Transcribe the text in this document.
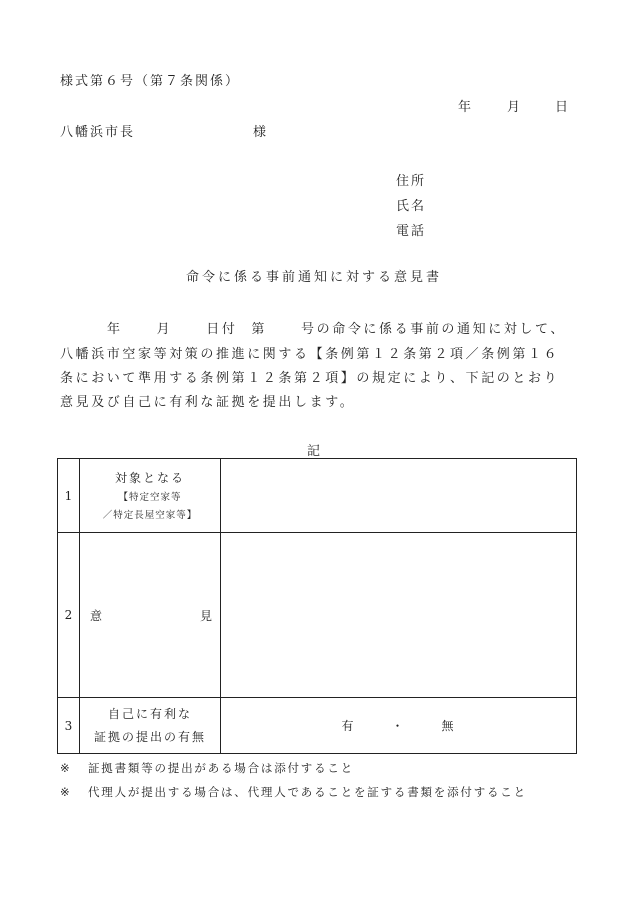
様式第６号（第７条関係）
年	月	日
八幡浜市長	様
住所
氏名
電話
命令に係る事前通知に対する意見書
年	月	日付 第	号の命令に係る事前の通知に対して、
八幡浜市空家等対策の推進に関する【条例第１２条第２項／条例第１６
条において準用する条例第１２条第２項】の規定により、下記のとおり
意見及び自己に有利な証拠を提出します。
記
1	対象となる
【特定空家等
／特定長屋空家等】	

2	意 見	

3	自己に有利な
証拠の提出の有無	有 ・ 無
※ 証拠書類等の提出がある場合は添付すること
※ 代理人が提出する場合は、代理人であることを証する書類を添付すること
